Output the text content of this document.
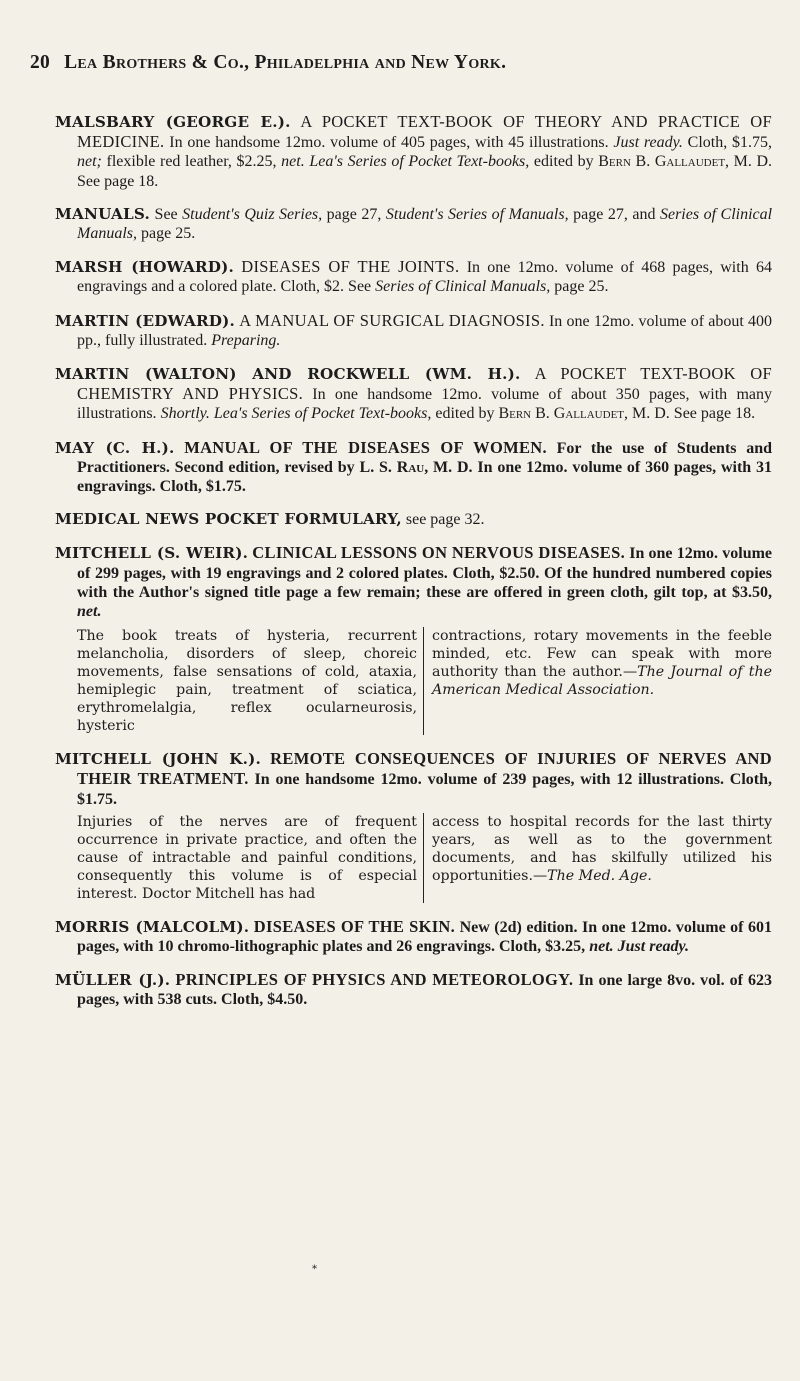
20 Lea Brothers & Co., Philadelphia and New York.

MALSBARY (GEORGE E.). A POCKET TEXT-BOOK OF THEORY AND PRACTICE OF MEDICINE. In one handsome 12mo. volume of 405 pages, with 45 illustrations. Just ready. Cloth, $1.75, net; flexible red leather, $2.25, net. Lea's Series of Pocket Text-books, edited by Bern B. Gallaudet, M. D. See page 18.

MANUALS. See Student's Quiz Series, page 27, Student's Series of Manuals, page 27, and Series of Clinical Manuals, page 25.

MARSH (HOWARD). DISEASES OF THE JOINTS. In one 12mo. volume of 468 pages, with 64 engravings and a colored plate. Cloth, $2. See Series of Clinical Manuals, page 25.

MARTIN (EDWARD). A MANUAL OF SURGICAL DIAGNOSIS. In one 12mo. volume of about 400 pp., fully illustrated. Preparing.

MARTIN (WALTON) AND ROCKWELL (WM. H.). A POCKET TEXT-BOOK OF CHEMISTRY AND PHYSICS. In one handsome 12mo. volume of about 350 pages, with many illustrations. Shortly. Lea's Series of Pocket Text-books, edited by Bern B. Gallaudet, M. D. See page 18.

MAY (C. H.). MANUAL OF THE DISEASES OF WOMEN. For the use of Students and Practitioners. Second edition, revised by L. S. Rau, M. D. In one 12mo. volume of 360 pages, with 31 engravings. Cloth, $1.75.

MEDICAL NEWS POCKET FORMULARY, see page 32.

MITCHELL (S. WEIR). CLINICAL LESSONS ON NERVOUS DISEASES. In one 12mo. volume of 299 pages, with 19 engravings and 2 colored plates. Cloth, $2.50. Of the hundred numbered copies with the Author's signed title page a few remain; these are offered in green cloth, gilt top, at $3.50, net.

The book treats of hysteria, recurrent melancholia, disorders of sleep, choreic movements, false sensations of cold, ataxia, hemiplegic pain, treatment of sciatica, erythromelalgia, reflex ocularneurosis, hysteric
contractions, rotary movements in the feeble minded, etc. Few can speak with more authority than the author.—The Journal of the American Medical Association.

MITCHELL (JOHN K.). REMOTE CONSEQUENCES OF INJURIES OF NERVES AND THEIR TREATMENT. In one handsome 12mo. volume of 239 pages, with 12 illustrations. Cloth, $1.75.

Injuries of the nerves are of frequent occurrence in private practice, and often the cause of intractable and painful conditions, consequently this volume is of especial interest. Doctor Mitchell has had
access to hospital records for the last thirty years, as well as to the government documents, and has skilfully utilized his opportunities.—The Med. Age.

MORRIS (MALCOLM). DISEASES OF THE SKIN. New (2d) edition. In one 12mo. volume of 601 pages, with 10 chromo-lithographic plates and 26 engravings. Cloth, $3.25, net. Just ready.

MÜLLER (J.). PRINCIPLES OF PHYSICS AND METEOROLOGY. In one large 8vo. vol. of 623 pages, with 538 cuts. Cloth, $4.50.

*
